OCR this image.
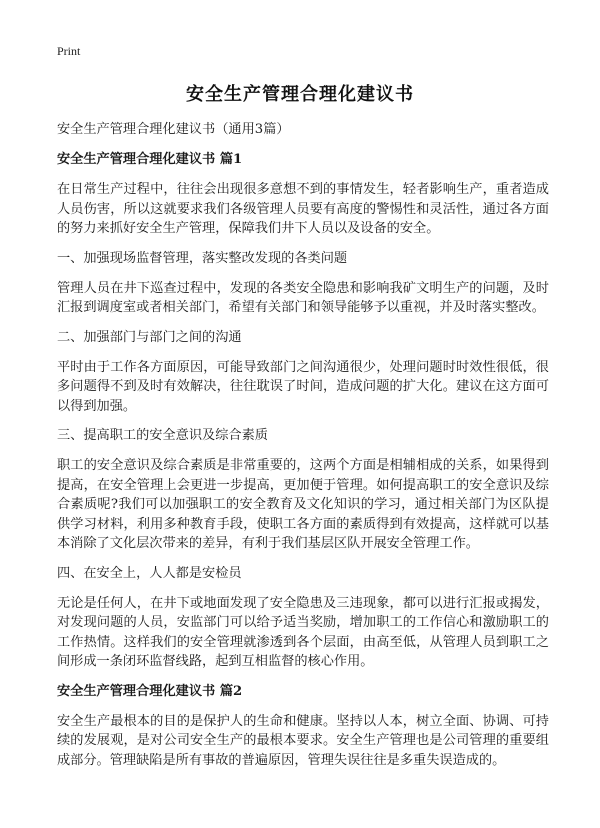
Print
安全生产管理合理化建议书

安全生产管理合理化建议书（通用3篇）

安全生产管理合理化建议书 篇1

在日常生产过程中，往往会出现很多意想不到的事情发生，轻者影响生产，重者造成人员伤害，所以这就要求我们各级管理人员要有高度的警惕性和灵活性，通过各方面的努力来抓好安全生产管理，保障我们井下人员以及设备的安全。

一、加强现场监督管理，落实整改发现的各类问题

管理人员在井下巡查过程中，发现的各类安全隐患和影响我矿文明生产的问题，及时汇报到调度室或者相关部门，希望有关部门和领导能够予以重视，并及时落实整改。

二、加强部门与部门之间的沟通

平时由于工作各方面原因，可能导致部门之间沟通很少，处理问题时时效性很低，很多问题得不到及时有效解决，往往耽误了时间，造成问题的扩大化。建议在这方面可以得到加强。

三、提高职工的安全意识及综合素质

职工的安全意识及综合素质是非常重要的，这两个方面是相辅相成的关系，如果得到提高，在安全管理上会更进一步提高，更加便于管理。如何提高职工的安全意识及综合素质呢?我们可以加强职工的安全教育及文化知识的学习，通过相关部门为区队提供学习材料，利用多种教育手段，使职工各方面的素质得到有效提高，这样就可以基本消除了文化层次带来的差异，有利于我们基层区队开展安全管理工作。

四、在安全上，人人都是安检员

无论是任何人，在井下或地面发现了安全隐患及三违现象，都可以进行汇报或揭发，对发现问题的人员，安监部门可以给予适当奖励，增加职工的工作信心和激励职工的工作热情。这样我们的安全管理就渗透到各个层面，由高至低，从管理人员到职工之间形成一条闭环监督线路，起到互相监督的核心作用。

安全生产管理合理化建议书 篇2

安全生产最根本的目的是保护人的生命和健康。坚持以人本，树立全面、协调、可持续的发展观，是对公司安全生产的最根本要求。安全生产管理也是公司管理的重要组成部分。管理缺陷是所有事故的普遍原因，管理失误往往是多重失误造成的。
